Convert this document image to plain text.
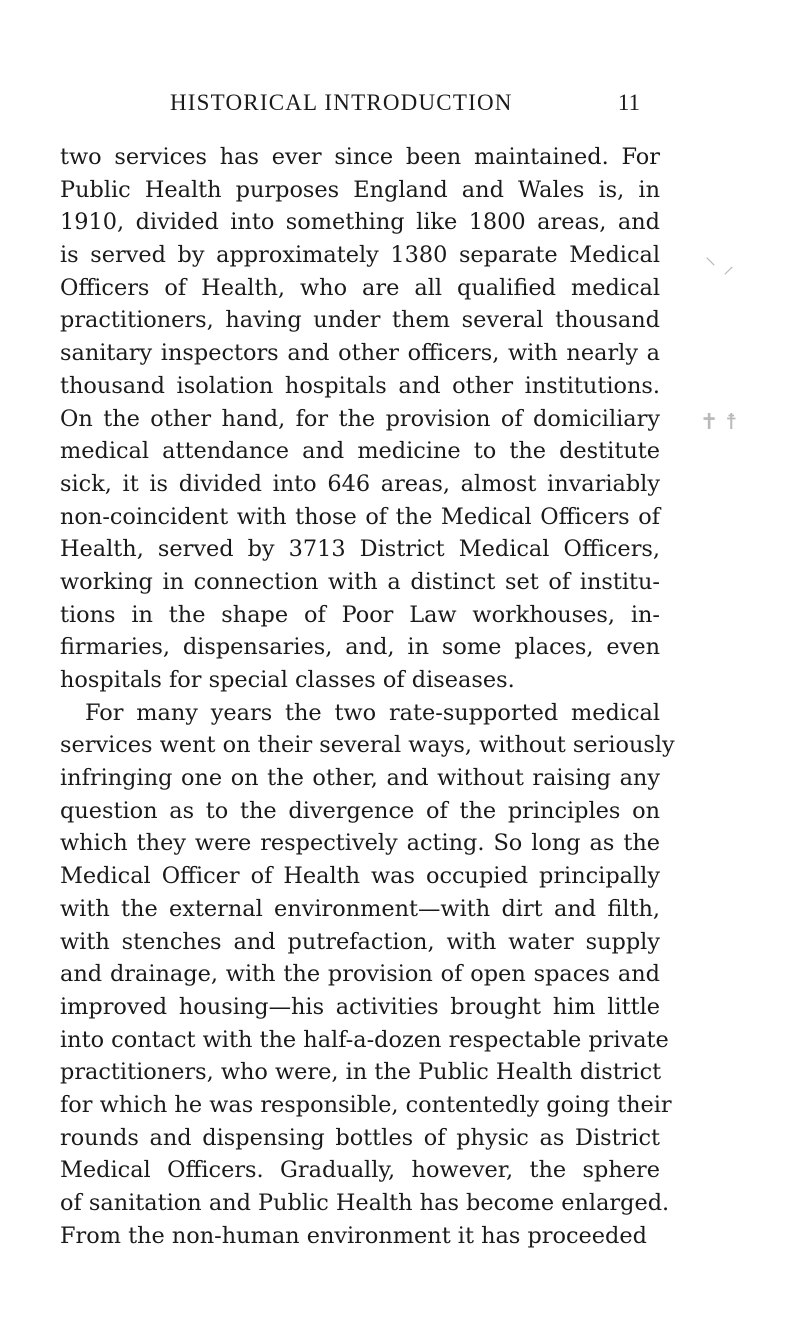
HISTORICAL INTRODUCTION	11
two services has ever since been maintained. For
Public Health purposes England and Wales is, in
1910, divided into something like 1800 areas, and
is served by approximately 1380 separate Medical
Officers of Health, who are all qualified medical
practitioners, having under them several thousand
sanitary inspectors and other officers, with nearly a
thousand isolation hospitals and other institutions.
On the other hand, for the provision of domiciliary
medical attendance and medicine to the destitute
sick, it is divided into 646 areas, almost invariably
non-coincident with those of the Medical Officers of
Health, served by 3713 District Medical Officers,
working in connection with a distinct set of institu-
tions in the shape of Poor Law workhouses, in-
firmaries, dispensaries, and, in some places, even
hospitals for special classes of diseases.
For many years the two rate-supported medical
services went on their several ways, without seriously
infringing one on the other, and without raising any
question as to the divergence of the principles on
which they were respectively acting. So long as the
Medical Officer of Health was occupied principally
with the external environment—with dirt and filth,
with stenches and putrefaction, with water supply
and drainage, with the provision of open spaces and
improved housing—his activities brought him little
into contact with the half-a-dozen respectable private
practitioners, who were, in the Public Health district
for which he was responsible, contentedly going their
rounds and dispensing bottles of physic as District
Medical Officers. Gradually, however, the sphere
of sanitation and Public Health has become enlarged.
From the non-human environment it has proceeded
⸌ ⸝
✝ ☨
